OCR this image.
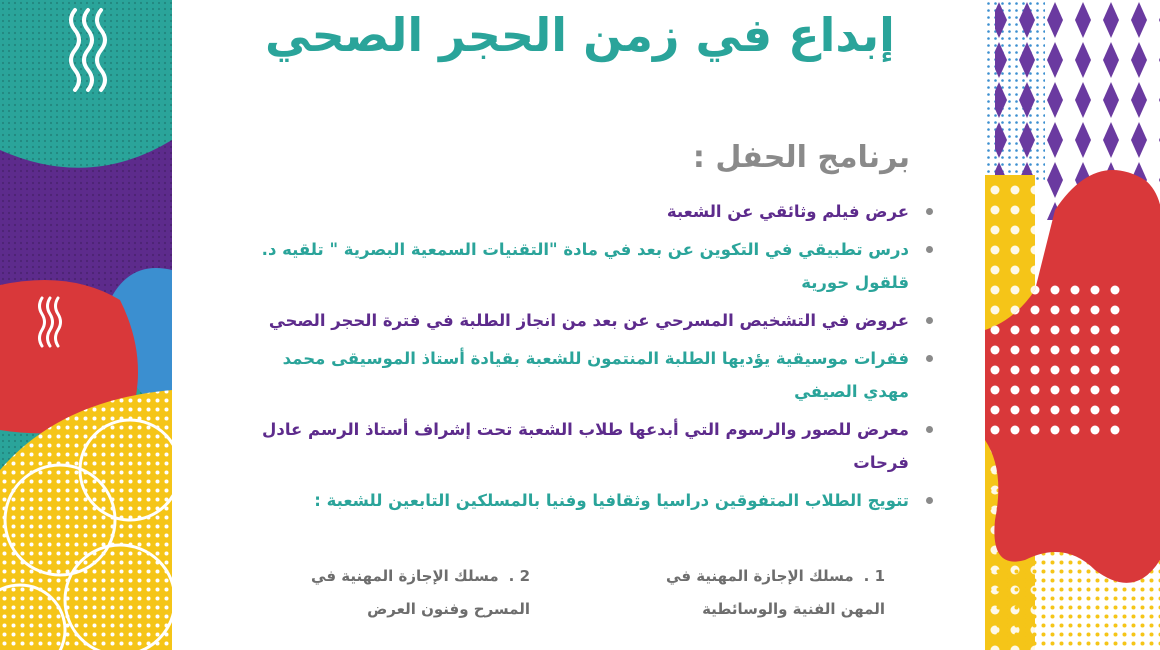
إبداع في زمن الحجر الصحي
برنامج الحفل :
عرض فيلم وثائقي عن الشعبة
درس تطبيقي في التكوين عن بعد في مادة "التقنيات السمعية البصرية " تلقيه د. قلقول حورية
عروض في التشخيص المسرحي عن بعد من انجاز الطلبة في فترة الحجر الصحي
فقرات موسيقية يؤديها الطلبة المنتمون للشعبة بقيادة أستاذ الموسيقى محمد مهدي الصيفي
معرض للصور والرسوم التي أبدعها طلاب الشعبة تحت إشراف أستاذ الرسم عادل فرحات
تتويج الطلاب المتفوقين دراسيا وثقافيا وفنيا بالمسلكين التابعين للشعبة :
1 .مسلك الإجازة المهنية في المهن الفنية والوسائطية
2 .مسلك الإجازة المهنية في المسرح وفنون العرض
